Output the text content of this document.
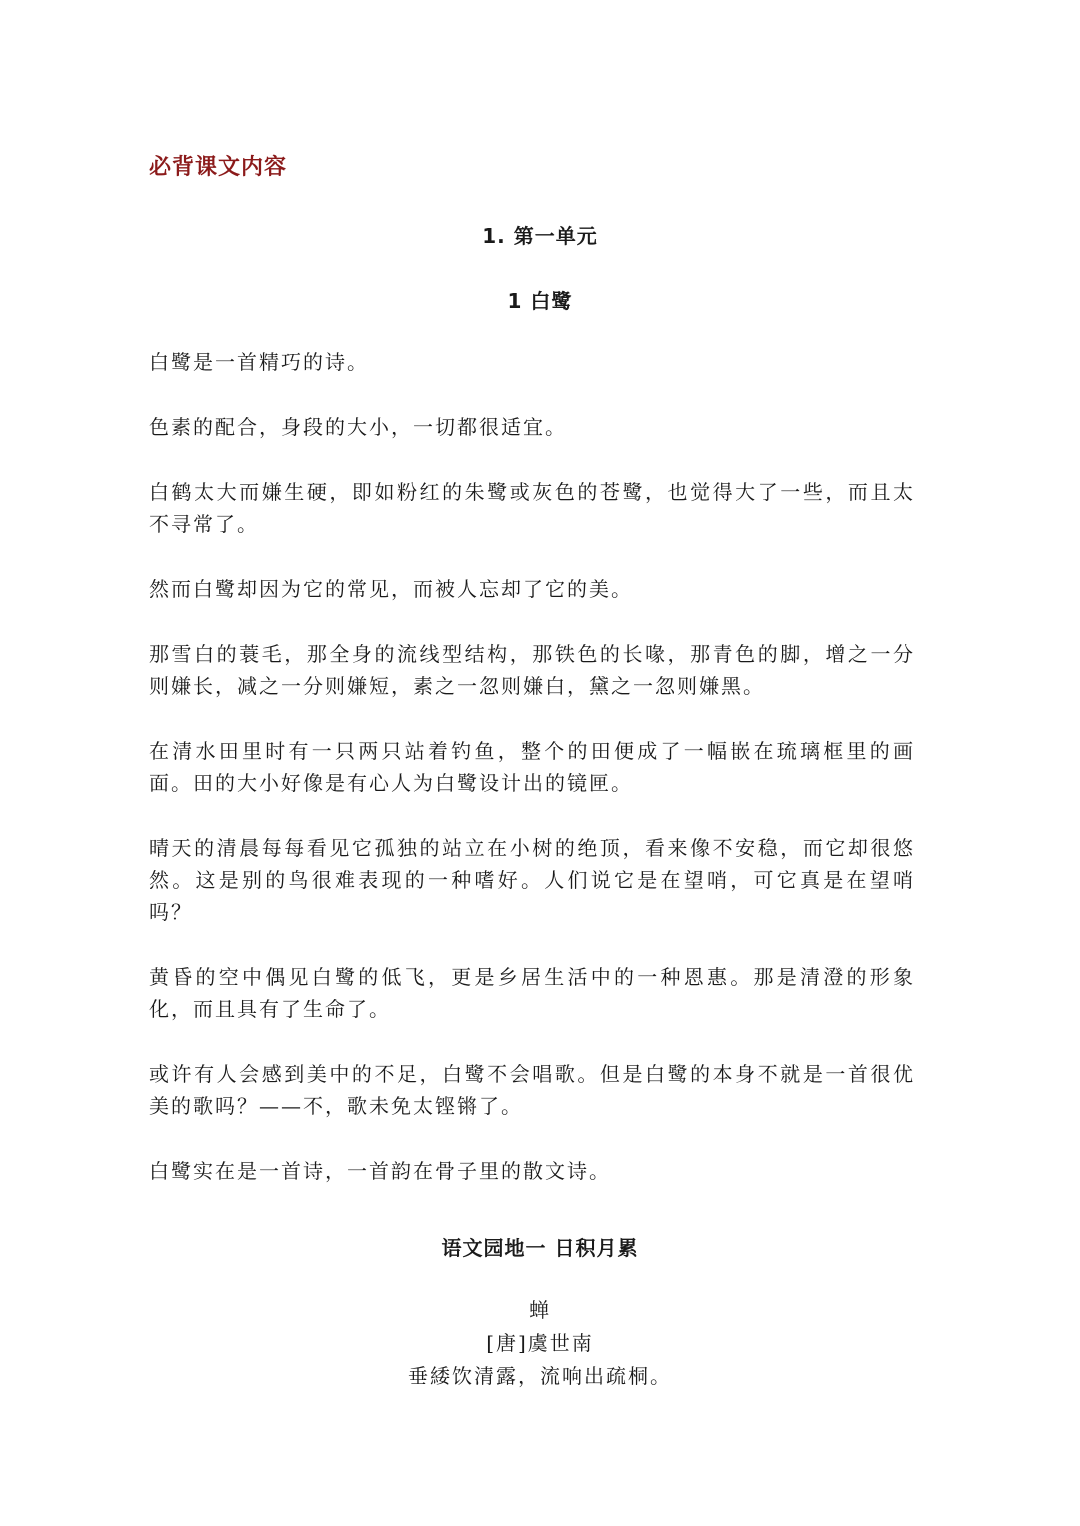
必背课文内容
1. 第一单元
1 白鹭

白鹭是一首精巧的诗。

色素的配合，身段的大小，一切都很适宜。

白鹤太大而嫌生硬，即如粉红的朱鹭或灰色的苍鹭，也觉得大了一些，而且太不寻常了。

然而白鹭却因为它的常见，而被人忘却了它的美。

那雪白的蓑毛，那全身的流线型结构，那铁色的长喙，那青色的脚，增之一分则嫌长，减之一分则嫌短，素之一忽则嫌白，黛之一忽则嫌黑。

在清水田里时有一只两只站着钓鱼，整个的田便成了一幅嵌在琉璃框里的画面。田的大小好像是有心人为白鹭设计出的镜匣。

晴天的清晨每每看见它孤独的站立在小树的绝顶，看来像不安稳，而它却很悠然。这是别的鸟很难表现的一种嗜好。人们说它是在望哨，可它真是在望哨吗？

黄昏的空中偶见白鹭的低飞，更是乡居生活中的一种恩惠。那是清澄的形象化，而且具有了生命了。

或许有人会感到美中的不足，白鹭不会唱歌。但是白鹭的本身不就是一首很优美的歌吗？——不，歌未免太铿锵了。

白鹭实在是一首诗，一首韵在骨子里的散文诗。

语文园地一 日积月累
蝉
[唐]虞世南
垂緌饮清露，流响出疏桐。
